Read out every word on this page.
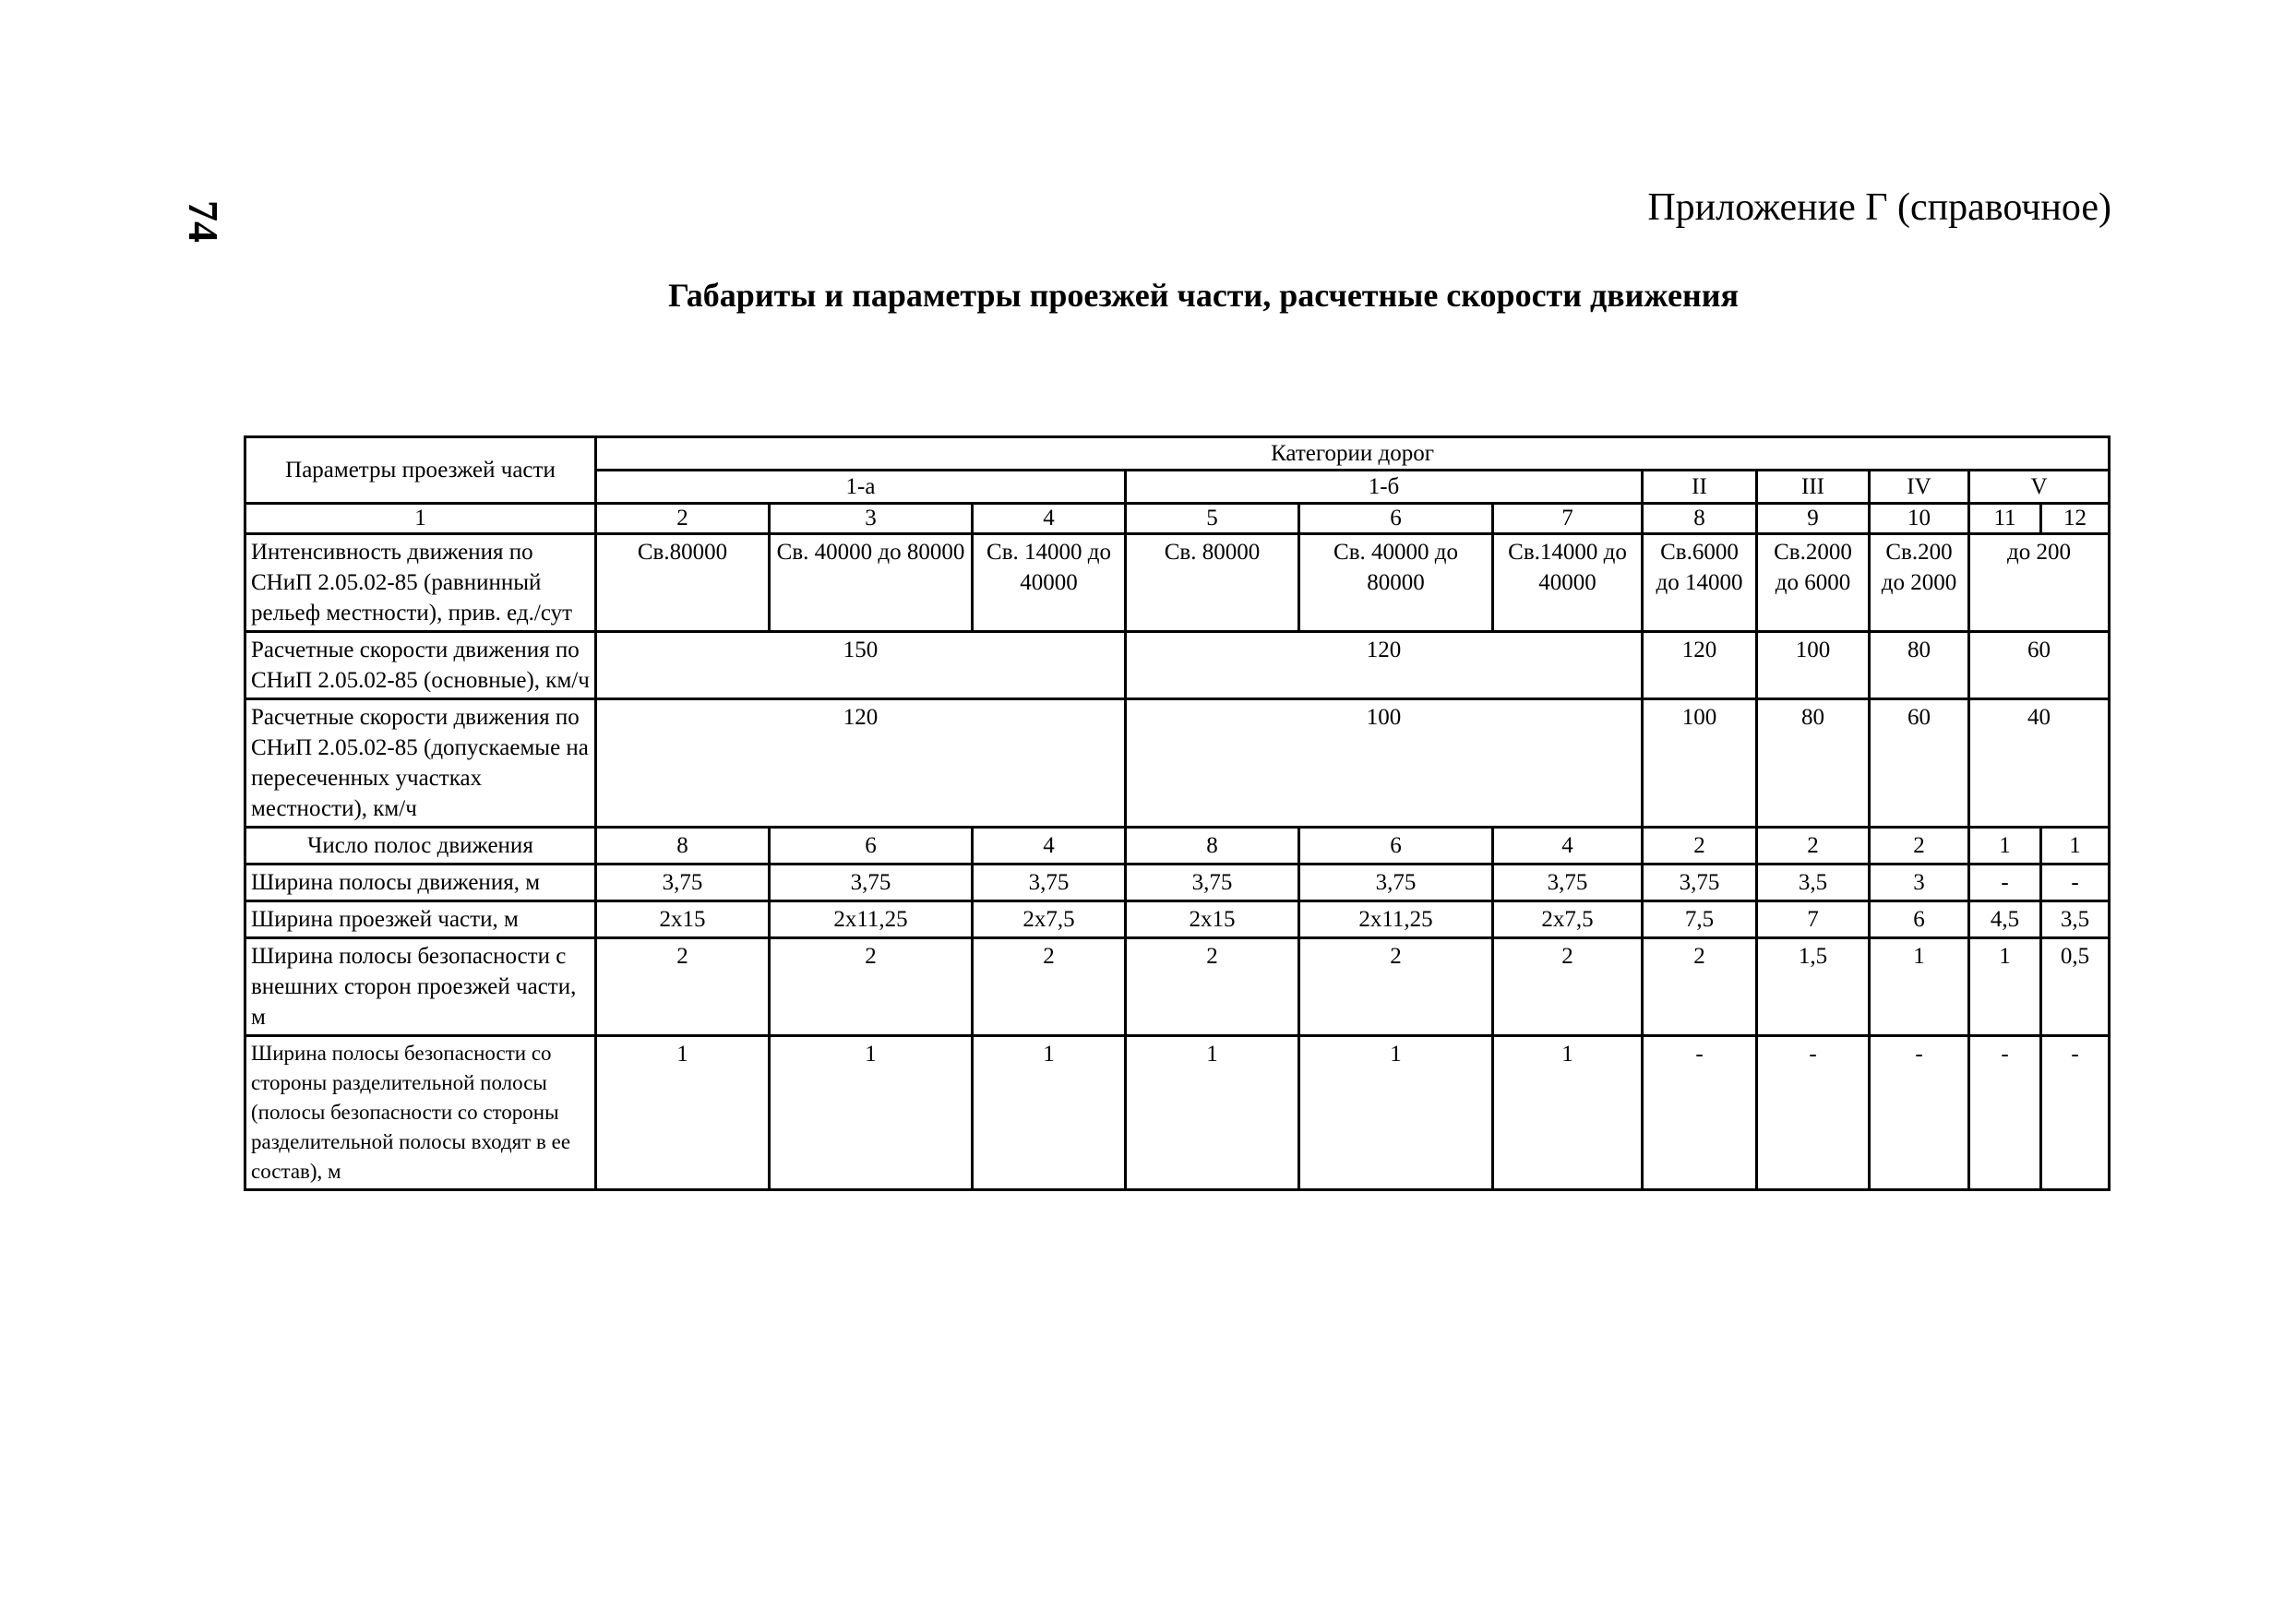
74	Приложение Г (справочное)
Габариты и параметры проезжей части, расчетные скорости движения
Параметры проезжей части	Категории дорог										
	1-а			1-б			II	III	IV	V	
1	2	3	4	5	6	7	8	9	10	11	12
Интенсивность движения по СНиП 2.05.02-85 (равнинный рельеф местности), прив. ед./сут	Св.80000	Св. 40000 до 80000	Св. 14000 до 40000	Св. 80000	Св. 40000 до 80000	Св.14000 до 40000	Св.6000 до 14000	Св.2000 до 6000	Св.200 до 2000	до 200	
Расчетные скорости движения по СНиП 2.05.02-85 (основные), км/ч	150			120			120	100	80	60	
Расчетные скорости движения по СНиП 2.05.02-85 (допускаемые на пересеченных участках местности), км/ч	120			100			100	80	60	40	
Число полос движения	8	6	4	8	6	4	2	2	2	1	1
Ширина полосы движения, м	3,75	3,75	3,75	3,75	3,75	3,75	3,75	3,5	3	-	-
Ширина проезжей части, м	2x15	2x11,25	2x7,5	2x15	2x11,25	2x7,5	7,5	7	6	4,5	3,5
Ширина полосы безопасности с внешних сторон проезжей части, м	2	2	2	2	2	2	2	1,5	1	1	0,5
Ширина полосы безопасности со стороны разделительной полосы (полосы безопасности со стороны разделительной полосы входят в ее состав), м	1	1	1	1	1	1	-	-	-	-	-
